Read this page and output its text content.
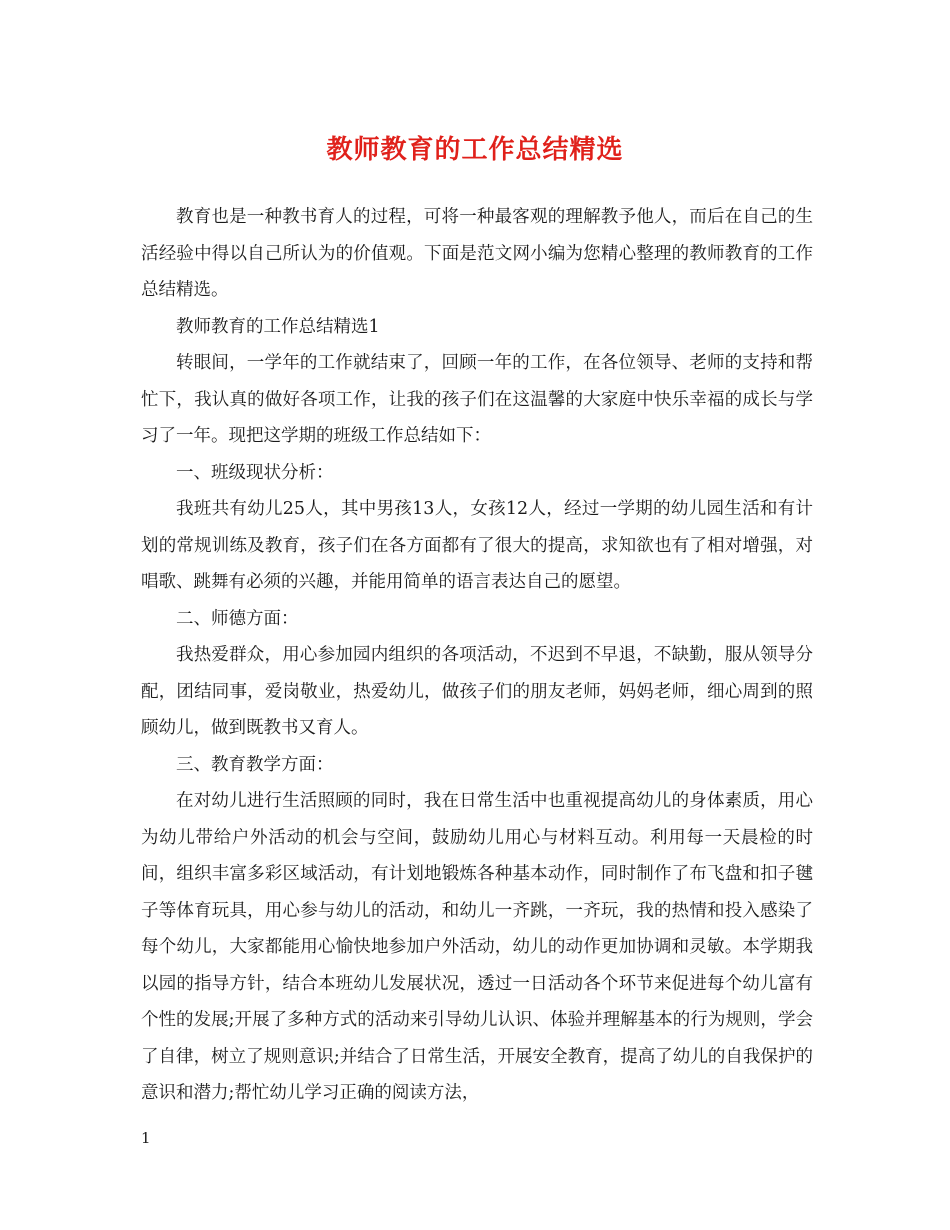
教师教育的工作总结精选

教育也是一种教书育人的过程，可将一种最客观的理解教予他人，而后在自己的生活经验中得以自己所认为的价值观。下面是范文网小编为您精心整理的教师教育的工作总结精选。

教师教育的工作总结精选1

转眼间，一学年的工作就结束了，回顾一年的工作，在各位领导、老师的支持和帮忙下，我认真的做好各项工作，让我的孩子们在这温馨的大家庭中快乐幸福的成长与学习了一年。现把这学期的班级工作总结如下：

一、班级现状分析：

我班共有幼儿25人，其中男孩13人，女孩12人，经过一学期的幼儿园生活和有计划的常规训练及教育，孩子们在各方面都有了很大的提高，求知欲也有了相对增强，对唱歌、跳舞有必须的兴趣，并能用简单的语言表达自己的愿望。

二、师德方面：

我热爱群众，用心参加园内组织的各项活动，不迟到不早退，不缺勤，服从领导分配，团结同事，爱岗敬业，热爱幼儿，做孩子们的朋友老师，妈妈老师，细心周到的照顾幼儿，做到既教书又育人。

三、教育教学方面：

在对幼儿进行生活照顾的同时，我在日常生活中也重视提高幼儿的身体素质，用心为幼儿带给户外活动的机会与空间，鼓励幼儿用心与材料互动。利用每一天晨检的时间，组织丰富多彩区域活动，有计划地锻炼各种基本动作，同时制作了布飞盘和扣子毽子等体育玩具，用心参与幼儿的活动，和幼儿一齐跳，一齐玩，我的热情和投入感染了每个幼儿，大家都能用心愉快地参加户外活动，幼儿的动作更加协调和灵敏。本学期我以园的指导方针，结合本班幼儿发展状况，透过一日活动各个环节来促进每个幼儿富有个性的发展;开展了多种方式的活动来引导幼儿认识、体验并理解基本的行为规则，学会了自律，树立了规则意识;并结合了日常生活，开展安全教育，提高了幼儿的自我保护的意识和潜力;帮忙幼儿学习正确的阅读方法，

1
